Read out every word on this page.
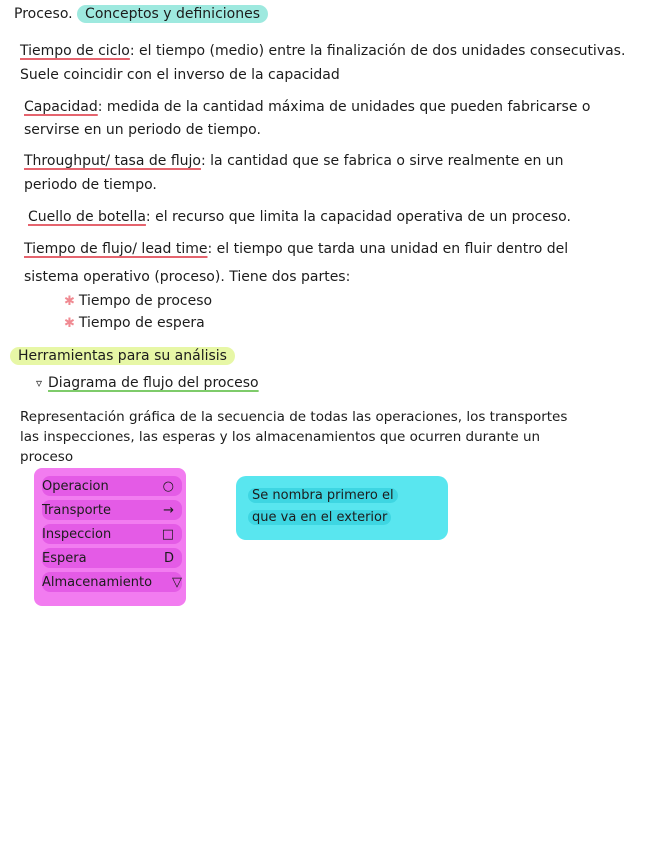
Proceso. Conceptos y definiciones
Tiempo de ciclo: el tiempo (medio) entre la finalización de dos unidades consecutivas.
Suele coincidir con el inverso de la capacidad
Capacidad: medida de la cantidad máxima de unidades que pueden fabricarse o
servirse en un periodo de tiempo.
Throughput/ tasa de flujo: la cantidad que se fabrica o sirve realmente en un
periodo de tiempo.
Cuello de botella: el recurso que limita la capacidad operativa de un proceso.
Tiempo de flujo/ lead time: el tiempo que tarda una unidad en fluir dentro del
sistema operativo (proceso). Tiene dos partes:
✱ Tiempo de proceso
✱ Tiempo de espera
Herramientas para su análisis
▿ Diagrama de flujo del proceso
Representación gráfica de la secuencia de todas las operaciones, los transportes
las inspecciones, las esperas y los almacenamientos que ocurren durante un
proceso
Operacion	○
Transporte	→
Inspeccion	□
Espera	D
Almacenamiento ▽
Se nombra primero el
que va en el exterior
